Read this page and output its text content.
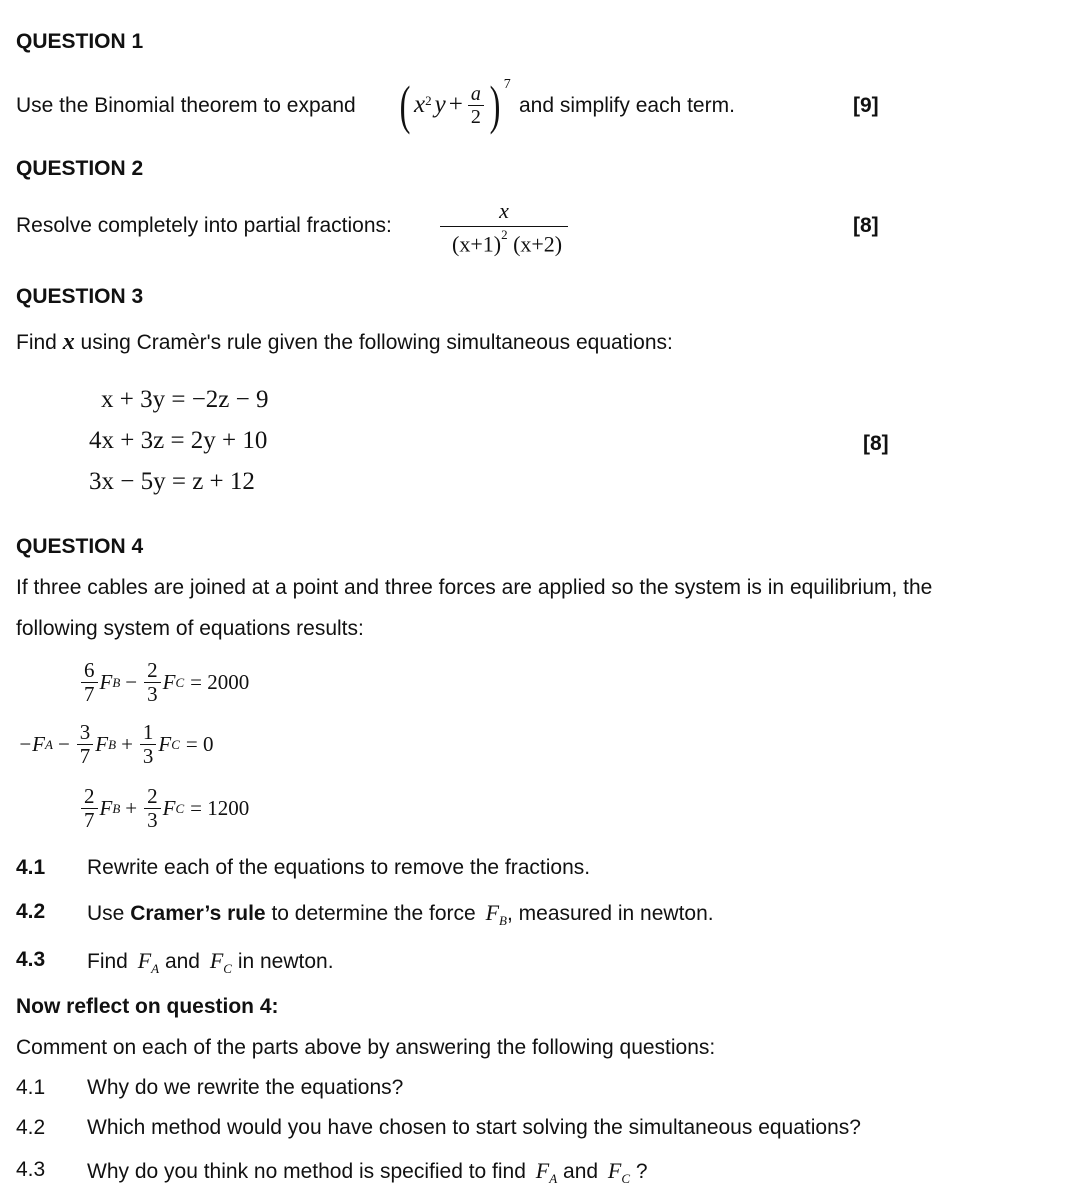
QUESTION 1
Use the Binomial theorem to expand ( $x^2$ $y + \frac{a}{2}$ ) $^7$
and simplify each term.	[9]
QUESTION 2
Resolve completely into partial fractions:
x
$(x+1)^2$ (x+2)
[8]
QUESTION 3
Find x using Cramèr's rule given the following simultaneous equations:
x + 3y = −2z − 9
4x + 3z = 2y + 10
3x − 5y = z + 12
[8]
QUESTION 4
If three cables are joined at a point and three forces are applied so the system is in equilibrium, the
following system of equations results:
$\frac{6}{7}$ F $B - \frac{2}{3}$ F C = 2000
−F $A - \frac{3}{7}$ F $B + \frac{1}{3}$ F C = 0
$\frac{2}{7}$ F $B + \frac{2}{3}$ F C = 1200
4.1 Rewrite each of the equations to remove the fractions.
4.2 Use Cramer’s rule to determine the force $F_B$, measured in newton.
4.3 Find $F_A$ and $F_C$ in newton.
Now reflect on question 4:
Comment on each of the parts above by answering the following questions:
4.1 Why do we rewrite the equations?
4.2 Which method would you have chosen to start solving the simultaneous equations?
4.3 Why do you think no method is specified to find $F_A$ and $F_C$ ?
